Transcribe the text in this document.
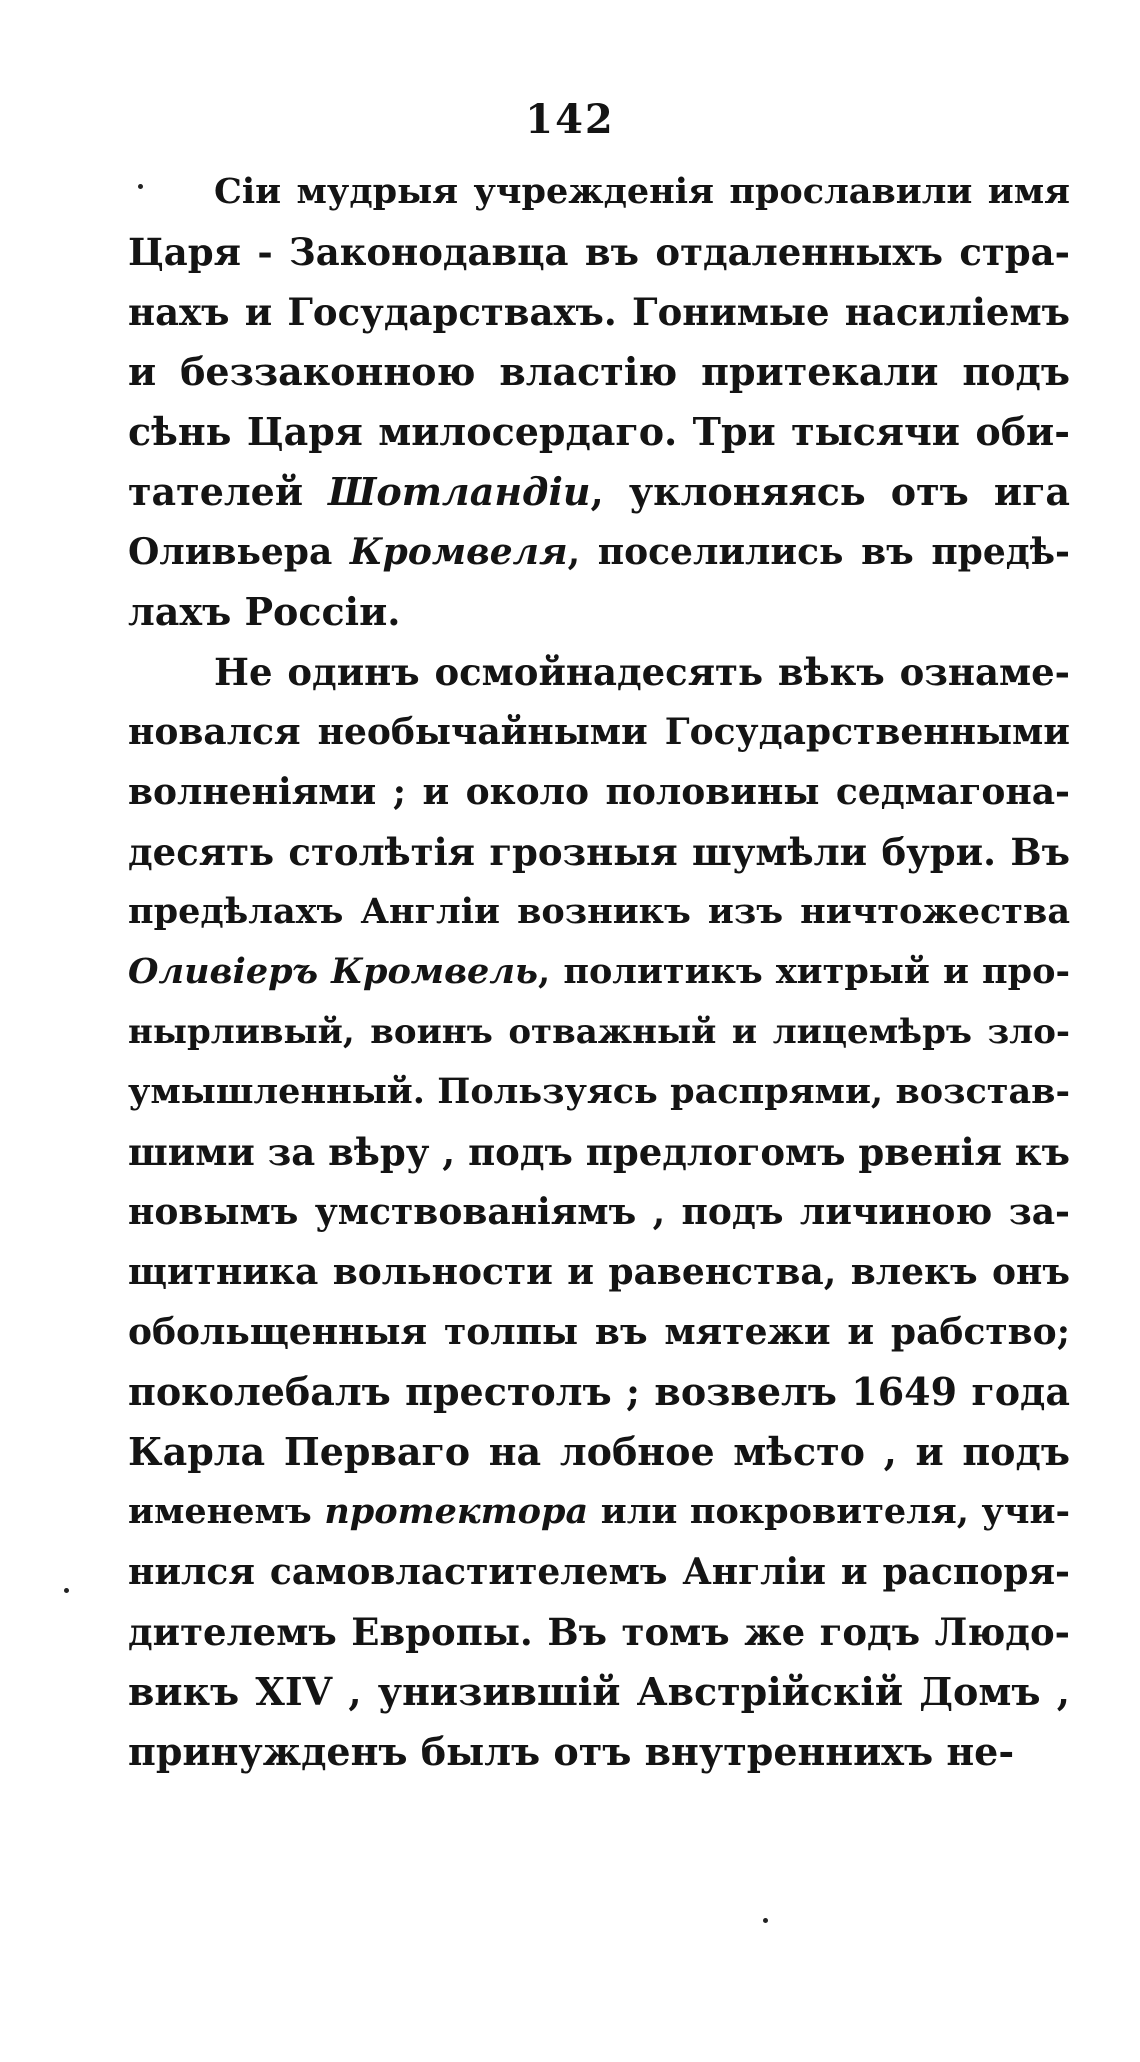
142
Сіи мудрыя учрежденія прославили имя
Царя - Законодавца въ отдаленныхъ стра-
нахъ и Государствахъ. Гонимые насиліемъ
и беззаконною властію притекали подъ
сѣнь Царя милосердаго. Три тысячи оби-
тателей Шотландіи, уклоняясь отъ ига
Оливьера Кромвеля, поселились въ предѣ-
лахъ Россіи.
Не одинъ осмойнадесять вѣкъ ознаме-
новался необычайными Государственными
волненіями ; и около половины седмагона-
десять столѣтія грозныя шумѣли бури. Въ
предѣлахъ Англіи возникъ изъ ничтожества
Оливіеръ Кромвель, политикъ хитрый и про-
нырливый, воинъ отважный и лицемѣръ зло-
умышленный. Пользуясь распрями, возстав-
шими за вѣру , подъ предлогомъ рвенія къ
новымъ умствованіямъ , подъ личиною за-
щитника вольности и равенства, влекъ онъ
обольщенныя толпы въ мятежи и рабство;
поколебалъ престолъ ; возвелъ 1649 года
Карла Перваго на лобное мѣсто , и подъ
именемъ протектора или покровителя, учи-
нился самовластителемъ Англіи и распоря-
дителемъ Европы. Въ томъ же годъ Людо-
викъ XIV , унизившій Австрійскій Домъ ,
принужденъ былъ отъ внутреннихъ не-
